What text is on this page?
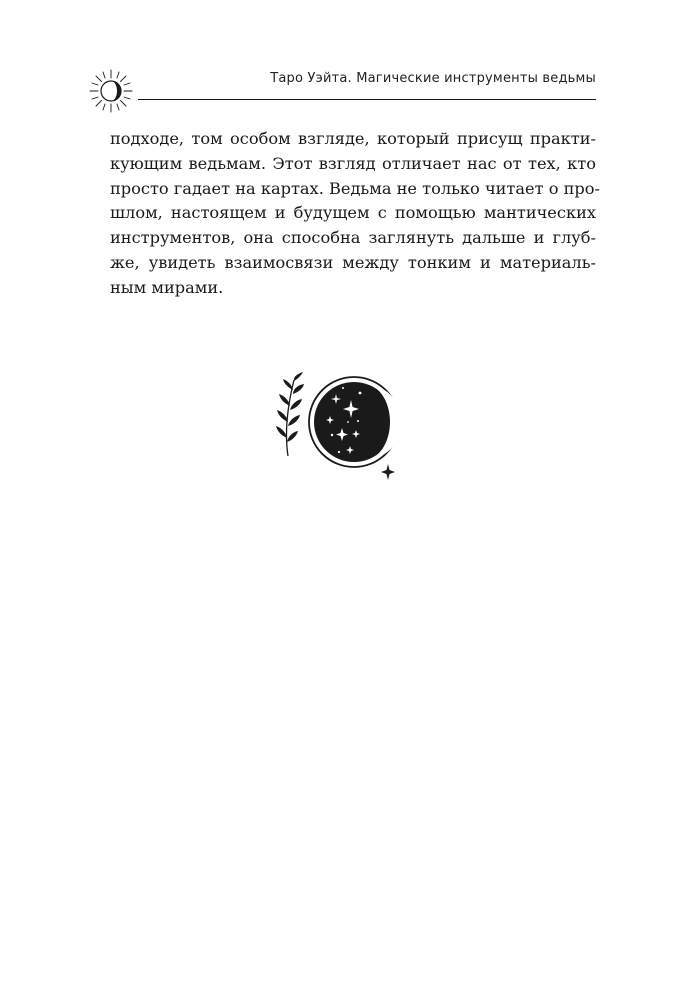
Таро Уэйта. Магические инструменты ведьмы
подходе, том особом взгляде, который присущ практи-
кующим ведьмам. Этот взгляд отличает нас от тех, кто
просто гадает на картах. Ведьма не только читает о про-
шлом, настоящем и будущем с помощью мантических
инструментов, она способна заглянуть дальше и глуб-
же, увидеть взаимосвязи между тонким и материаль-
ным мирами.
